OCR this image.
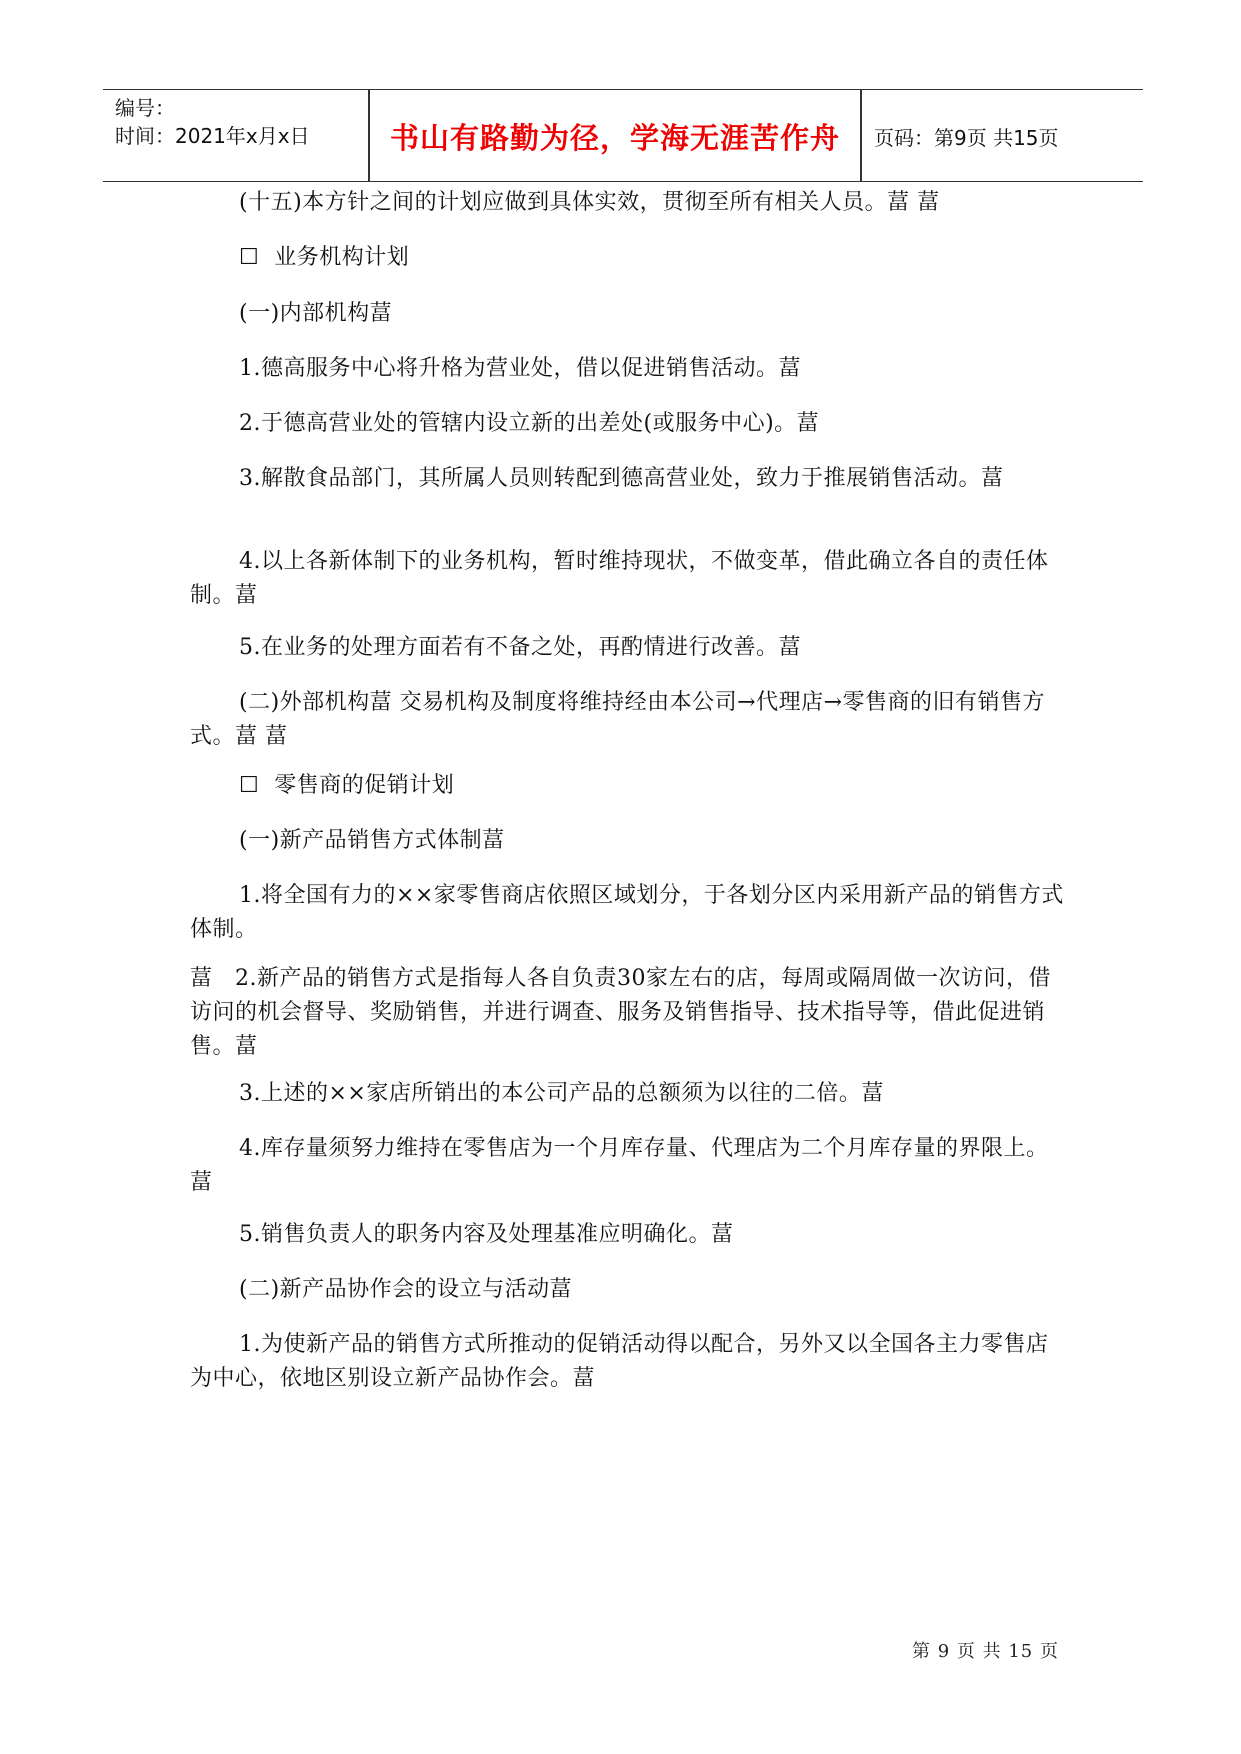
编号：
时间：2021年x月x日	书山有路勤为径，学海无涯苦作舟	页码：第9页 共15页
(十五)本方针之间的计划应做到具体实效，贯彻至所有相关人员。葍 葍
☐  业务机构计划
(一)内部机构葍
1.德高服务中心将升格为营业处，借以促进销售活动。葍
2.于德高营业处的管辖内设立新的出差处(或服务中心)。葍
3.解散食品部门，其所属人员则转配到德高营业处，致力于推展销售活动。葍
4.以上各新体制下的业务机构，暂时维持现状，不做变革，借此确立各自的责任体制。葍
5.在业务的处理方面若有不备之处，再酌情进行改善。葍
(二)外部机构葍 交易机构及制度将维持经由本公司→代理店→零售商的旧有销售方式。葍 葍
☐  零售商的促销计划
(一)新产品销售方式体制葍
1.将全国有力的××家零售商店依照区域划分，于各划分区内采用新产品的销售方式体制。
葍   2.新产品的销售方式是指每人各自负责30家左右的店，每周或隔周做一次访问，借访问的机会督导、奖励销售，并进行调查、服务及销售指导、技术指导等，借此促进销售。葍
3.上述的××家店所销出的本公司产品的总额须为以往的二倍。葍
4.库存量须努力维持在零售店为一个月库存量、代理店为二个月库存量的界限上。葍
5.销售负责人的职务内容及处理基准应明确化。葍
(二)新产品协作会的设立与活动葍
1.为使新产品的销售方式所推动的促销活动得以配合，另外又以全国各主力零售店为中心，依地区别设立新产品协作会。葍
第 9 页 共 15 页
